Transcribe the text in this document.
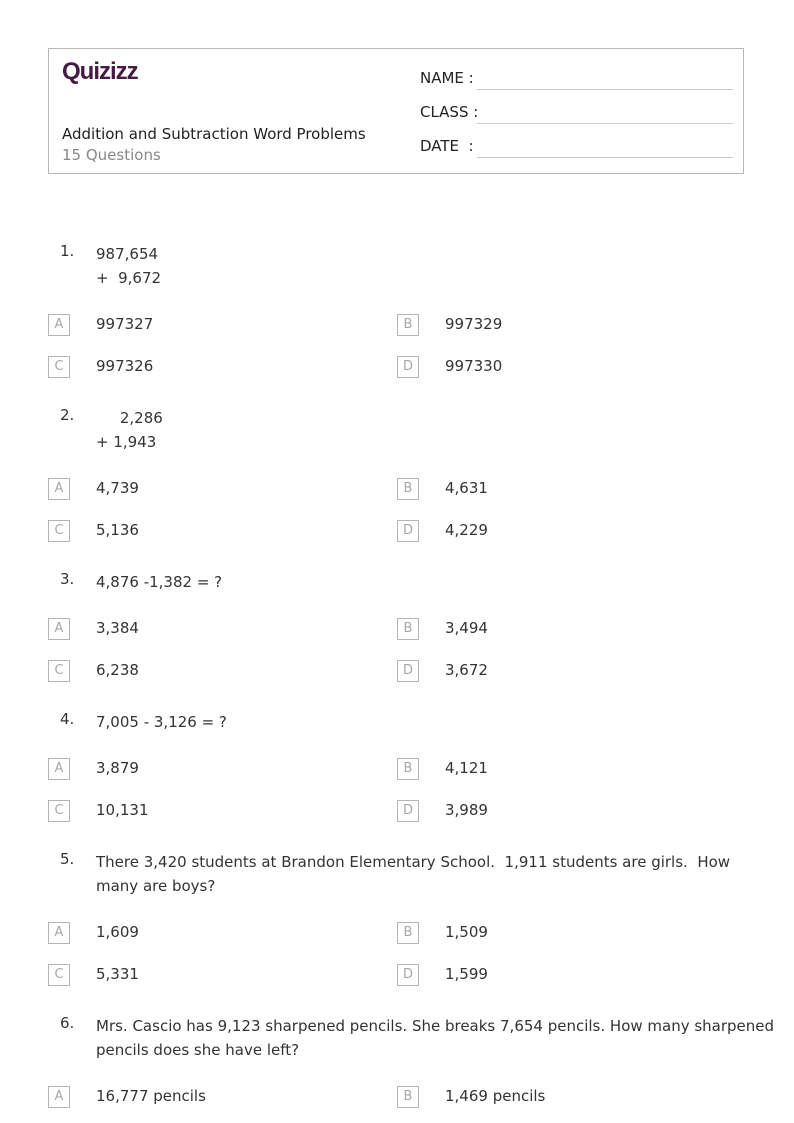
Quizizz
Addition and Subtraction Word Problems
15 Questions
NAME :
CLASS :
DATE  :
1.	987,654
+  9,672
A	997327	B	997329
C	997326	D	997330
2.	2,286
+ 1,943
A	4,739	B	4,631
C	5,136	D	4,229
3.	4,876 -1,382 = ?
A	3,384	B	3,494
C	6,238	D	3,672
4.	7,005 - 3,126 = ?
A	3,879	B	4,121
C	10,131	D	3,989
5.	There 3,420 students at Brandon Elementary School.  1,911 students are girls.  How
many are boys?
A	1,609	B	1,509
C	5,331	D	1,599
6.	Mrs. Cascio has 9,123 sharpened pencils. She breaks 7,654 pencils. How many sharpened
pencils does she have left?
A	16,777 pencils	B	1,469 pencils
